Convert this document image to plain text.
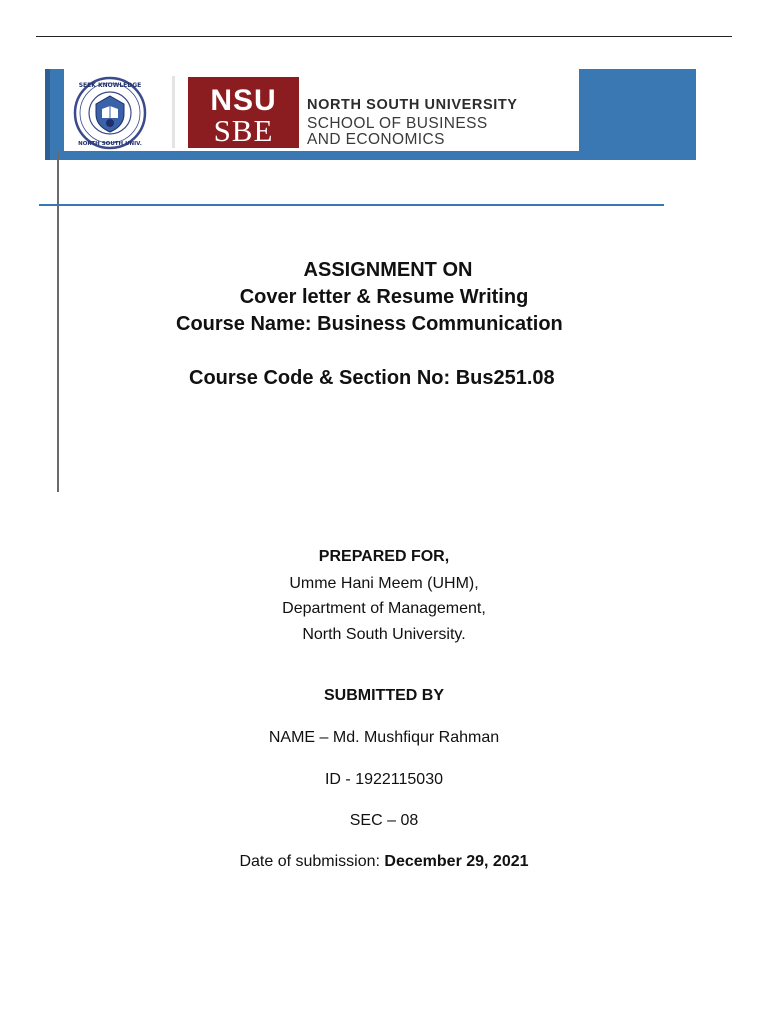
SEEK KNOWLEDGE
NORTH SOUTH UNIV.
NSU
SBE
NORTH SOUTH UNIVERSITY
SCHOOL OF BUSINESS
AND ECONOMICS
ASSIGNMENT ON
Cover letter & Resume Writing
Course Name: Business Communication
Course Code & Section No: Bus251.08
PREPARED FOR,
Umme Hani Meem (UHM),
Department of Management,
North South University.
SUBMITTED BY
NAME – Md. Mushfiqur Rahman
ID - 1922115030
SEC – 08
Date of submission: December 29, 2021
